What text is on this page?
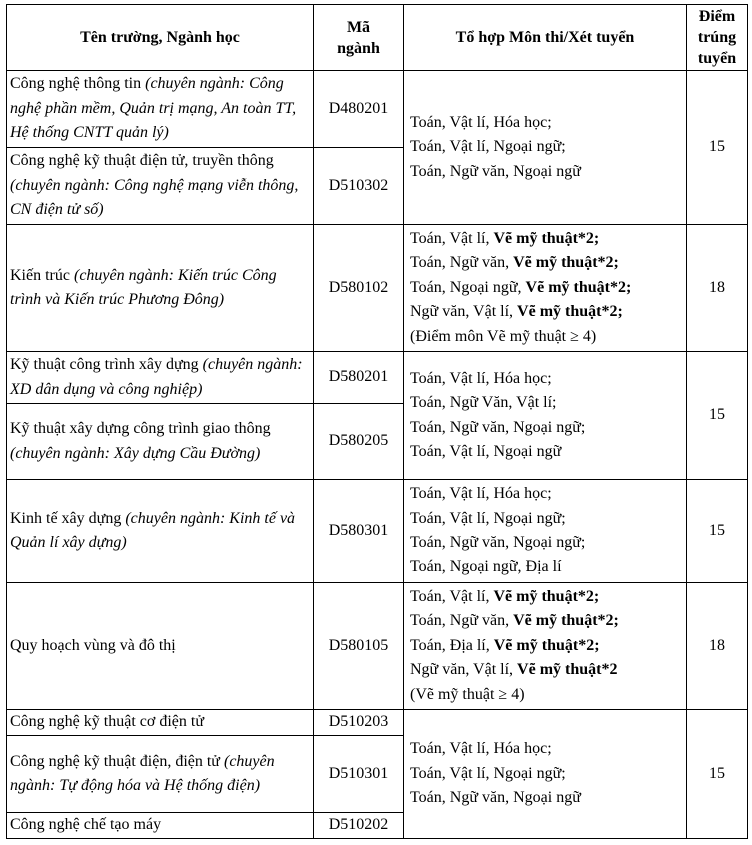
Tên trường, Ngành học	Mã ngành	Tổ hợp Môn thi/Xét tuyển	Điểm trúng tuyển
Công nghệ thông tin (chuyên ngành: Công nghệ phần mềm, Quản trị mạng, An toàn TT, Hệ thống CNTT quản lý)	D480201	Toán, Vật lí, Hóa học;
Toán, Vật lí, Ngoại ngữ;
Toán, Ngữ văn, Ngoại ngữ	15
Công nghệ kỹ thuật điện tử, truyền thông (chuyên ngành: Công nghệ mạng viễn thông, CN điện tử số)	D510302		
Kiến trúc (chuyên ngành: Kiến trúc Công trình và Kiến trúc Phương Đông)	D580102	Toán, Vật lí, Vẽ mỹ thuật*2;
Toán, Ngữ văn, Vẽ mỹ thuật*2;
Toán, Ngoại ngữ, Vẽ mỹ thuật*2;
Ngữ văn, Vật lí, Vẽ mỹ thuật*2;
(Điểm môn Vẽ mỹ thuật ≥ 4)	18
Kỹ thuật công trình xây dựng (chuyên ngành: XD dân dụng và công nghiệp)	D580201	Toán, Vật lí, Hóa học;
Toán, Ngữ Văn, Vật lí;
Toán, Ngữ văn, Ngoại ngữ;
Toán, Vật lí, Ngoại ngữ	15
Kỹ thuật xây dựng công trình giao thông (chuyên ngành: Xây dựng Cầu Đường)	D580205		
Kinh tế xây dựng (chuyên ngành: Kinh tế và Quản lí xây dựng)	D580301	Toán, Vật lí, Hóa học;
Toán, Vật lí, Ngoại ngữ;
Toán, Ngữ văn, Ngoại ngữ;
Toán, Ngoại ngữ, Địa lí	15
Quy hoạch vùng và đô thị	D580105	Toán, Vật lí, Vẽ mỹ thuật*2;
Toán, Ngữ văn, Vẽ mỹ thuật*2;
Toán, Địa lí, Vẽ mỹ thuật*2;
Ngữ văn, Vật lí, Vẽ mỹ thuật*2
(Vẽ mỹ thuật ≥ 4)	18
Công nghệ kỹ thuật cơ điện tử	D510203	Toán, Vật lí, Hóa học;
Toán, Vật lí, Ngoại ngữ;
Toán, Ngữ văn, Ngoại ngữ	15
Công nghệ kỹ thuật điện, điện tử (chuyên ngành: Tự động hóa và Hệ thống điện)	D510301		
Công nghệ chế tạo máy	D510202		
